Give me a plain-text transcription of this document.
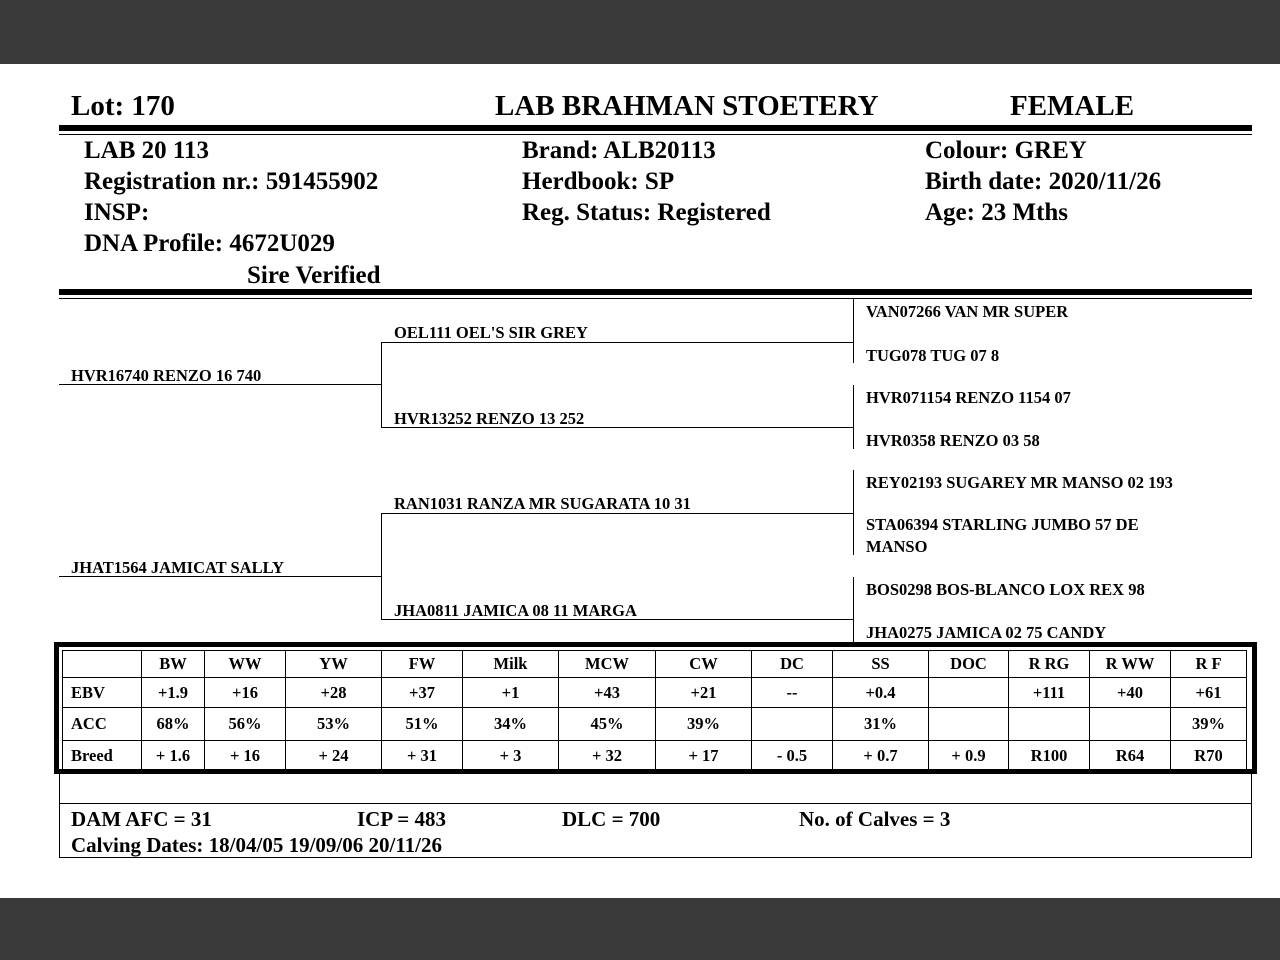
Lot: 170	LAB BRAHMAN STOETERY	FEMALE
LAB 20 113
Registration nr.: 591455902
INSP:
DNA Profile: 4672U029
Sire Verified
Brand: ALB20113
Herdbook: SP
Reg. Status: Registered
Colour: GREY
Birth date: 2020/11/26
Age: 23 Mths
HVR16740 RENZO 16 740
JHAT1564 JAMICAT SALLY
OEL111 OEL'S SIR GREY
HVR13252 RENZO 13 252
RAN1031 RANZA MR SUGARATA 10 31
JHA0811 JAMICA 08 11 MARGA
VAN07266 VAN MR SUPER
TUG078 TUG 07 8
HVR071154 RENZO 1154 07
HVR0358 RENZO 03 58
REY02193 SUGAREY MR MANSO 02 193
STA06394 STARLING JUMBO 57 DE
MANSO
BOS0298 BOS-BLANCO LOX REX 98
JHA0275 JAMICA 02 75 CANDY
	BW	WW	YW	FW	Milk	MCW	CW	DC	SS	DOC	R RG	R WW	R F
EBV	+1.9	+16	+28	+37	+1	+43	+21	--	+0.4		+111	+40	+61
ACC	68%	56%	53%	51%	34%	45%	39%		31%				39%
Breed	+ 1.6	+ 16	+ 24	+ 31	+ 3	+ 32	+ 17	- 0.5	+ 0.7	+ 0.9	R100	R64	R70
DAM AFC = 31	ICP = 483	DLC = 700	No. of Calves = 3
Calving Dates: 18/04/05 19/09/06 20/11/26
